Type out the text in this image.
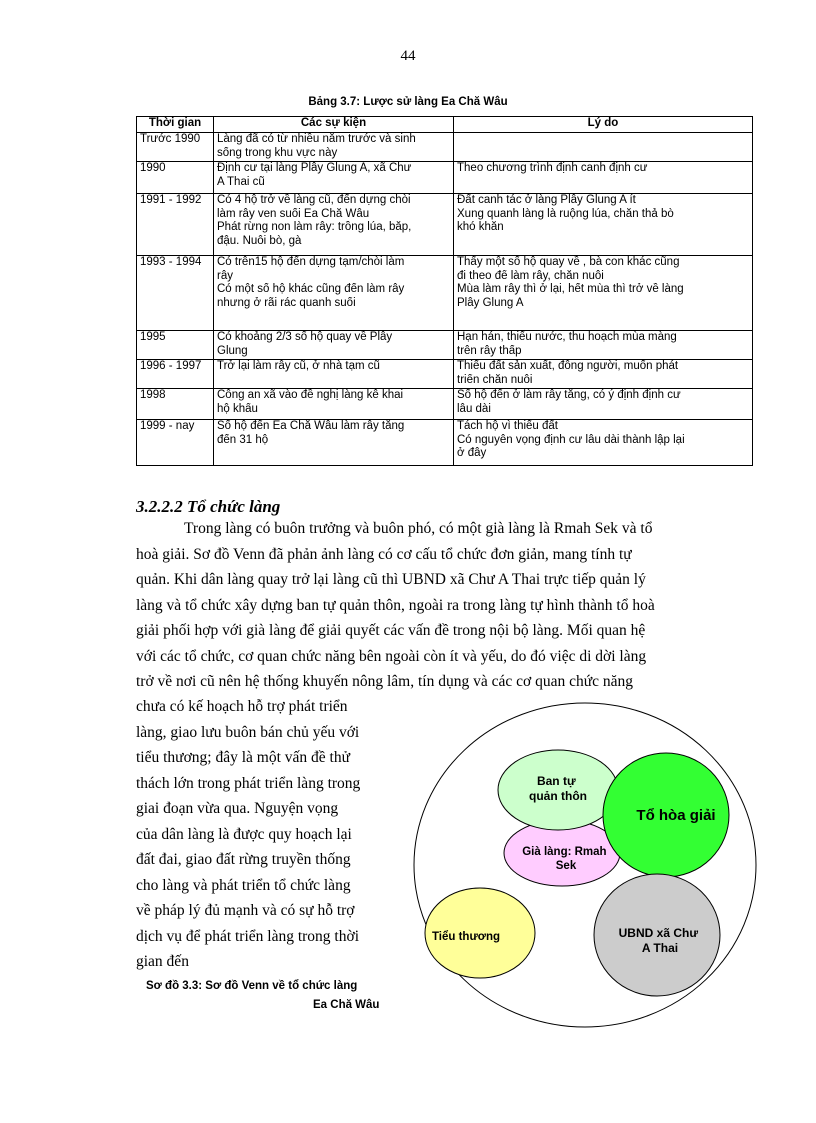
44
Bảng 3.7: Lược sử làng Ea Chă Wâu
Thời gian	Các sự kiện	Lý do

Trước 1990	Làng đã có từ nhiều năm trước và sinh
sống trong khu vực này	

1990	Định cư tại làng Plây Glung A, xã Chư
A Thai cũ	Theo chương trình định canh định cư

1991 - 1992	Có 4 hộ trở về làng cũ, đến dựng chòi
làm rẫy ven suối Ea Chă Wâu
Phát rừng non làm rẫy: trồng lúa, bắp,
đậu. Nuôi bò, gà	Đất canh tác ở làng Plây Glung A ít
Xung quanh làng là ruộng lúa, chăn thả bò
khó khăn

1993 - 1994	Có trên15 hộ đến dựng tạm/chòi làm
rẫy
Có một số hộ khác cũng đến làm rẫy
nhưng ở rãi rác quanh suối	Thấy một số hộ quay về , bà con khác cũng
đi theo để làm rẫy, chăn nuôi
Mùa làm rẫy thì ở lại, hết mùa thì trở về làng
Plây Glung A

1995	Có khoảng 2/3 số hộ quay về Plây
Glung	Hạn hán, thiếu nước, thu hoạch mùa màng
trên rẫy thấp

1996 - 1997	Trở lại làm rẫy cũ, ở nhà tạm cũ	Thiếu đất sản xuất, đông người, muốn phát
triển chăn nuôi

1998	Công an xã vào đề nghị làng kê khai
hộ khẩu	Số hộ đến ở làm rẫy tăng, có ý định định cư
lâu dài

1999 - nay	Số hộ đến Ea Chă Wâu làm rẫy tăng
đến 31 hộ	Tách hộ vì thiếu đất
Có nguyên vọng định cư lâu dài thành lập lại
ở đây
3.2.2.2 Tổ chức làng
Trong làng có buôn trưởng và buôn phó, có một già làng là Rmah Sek và tổ
hoà giải. Sơ đồ Venn đã phản ảnh làng có cơ cấu tổ chức đơn giản, mang tính tự
quản. Khi dân làng quay trở lại làng cũ thì UBND xã Chư A Thai trực tiếp quản lý
làng và tổ chức xây dựng ban tự quản thôn, ngoài ra trong làng tự hình thành tổ hoà
giải phối hợp với già làng để giải quyết các vấn đề trong nội bộ làng. Mối quan hệ
với các tổ chức, cơ quan chức năng bên ngoài còn ít và yếu, do đó việc di dời làng
trở về nơi cũ nên hệ thống khuyến nông lâm, tín dụng và các cơ quan chức năng
chưa có kế hoạch hỗ trợ phát triển
làng, giao lưu buôn bán chủ yếu với
tiểu thương; đây là một vấn đề thử
thách lớn trong phát triển làng trong
giai đoạn vừa qua. Nguyện vọng
của dân làng là được quy hoạch lại
đất đai, giao đất rừng truyền thống
cho làng và phát triển tổ chức làng
về pháp lý đủ mạnh và có sự hỗ trợ
dịch vụ để phát triển làng trong thời
gian đến
Sơ đồ 3.3: Sơ đồ Venn về tổ chức làng
Ea Chă Wâu
Ban tự quản thôn
Tổ hòa giải
Già làng: Rmah Sek
Tiểu thương	UBND xã Chư A Thai
